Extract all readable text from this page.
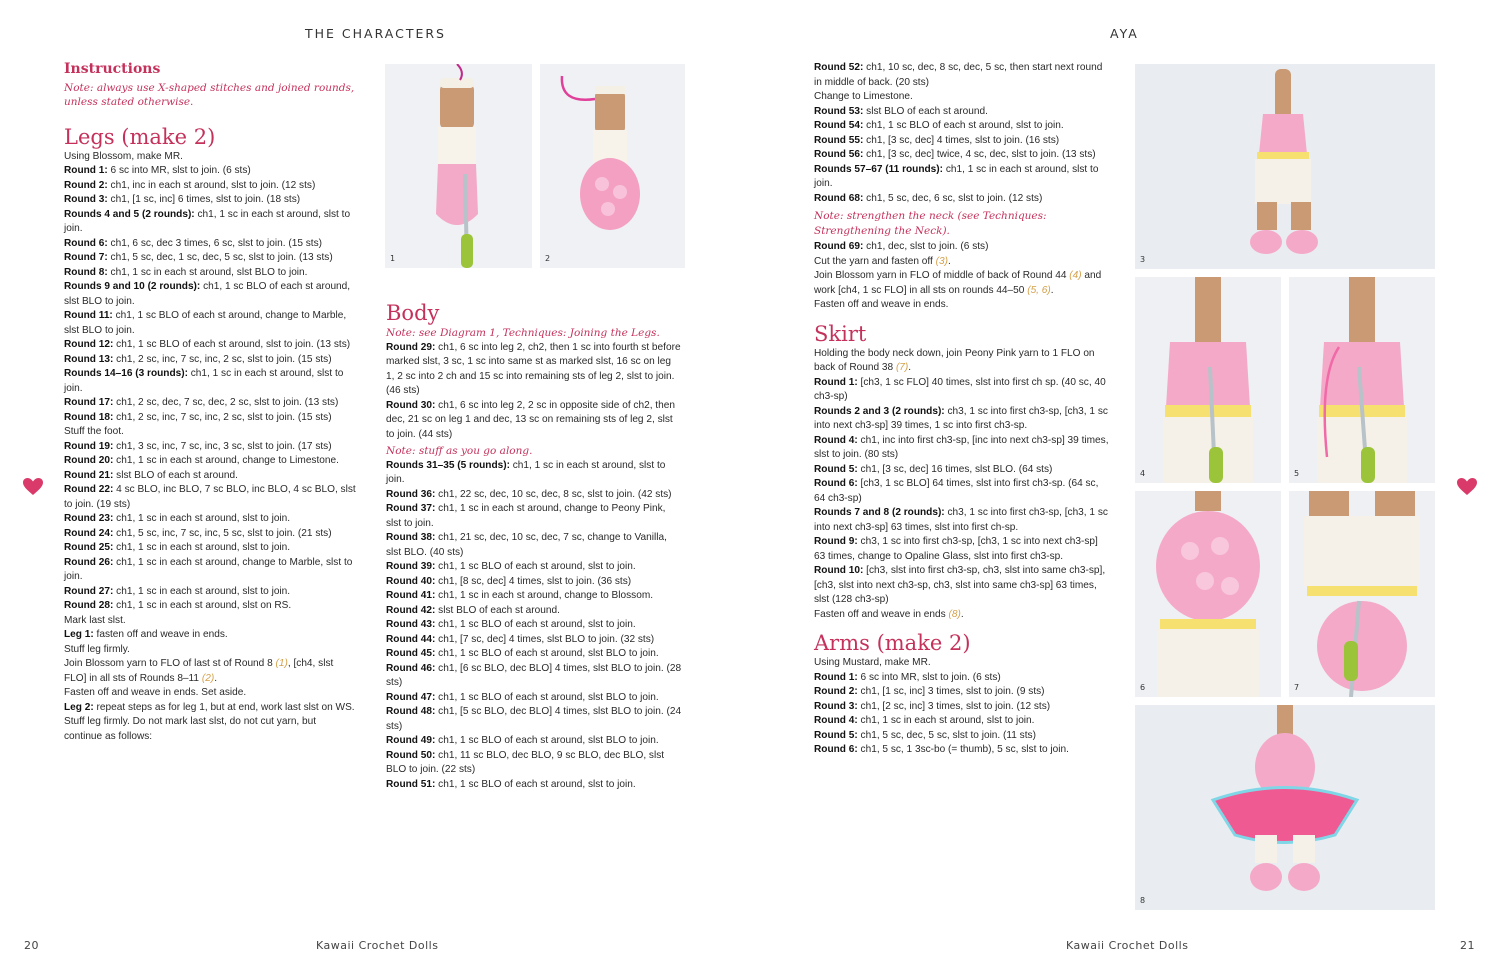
THE CHARACTERS	AYA

Instructions

Note: always use X-shaped stitches and joined rounds, unless stated otherwise.

Legs (make 2)

Using Blossom, make MR.

Round 1: 6 sc into MR, slst to join. (6 sts)

Round 2: ch1, inc in each st around, slst to join. (12 sts)

Round 3: ch1, [1 sc, inc] 6 times, slst to join. (18 sts)

Rounds 4 and 5 (2 rounds): ch1, 1 sc in each st around, slst to join.

Round 6: ch1, 6 sc, dec 3 times, 6 sc, slst to join. (15 sts)

Round 7: ch1, 5 sc, dec, 1 sc, dec, 5 sc, slst to join. (13 sts)

Round 8: ch1, 1 sc in each st around, slst BLO to join.

Rounds 9 and 10 (2 rounds): ch1, 1 sc BLO of each st around, slst BLO to join.

Round 11: ch1, 1 sc BLO of each st around, change to Marble, slst BLO to join.

Round 12: ch1, 1 sc BLO of each st around, slst to join. (13 sts)

Round 13: ch1, 2 sc, inc, 7 sc, inc, 2 sc, slst to join. (15 sts)

Rounds 14–16 (3 rounds): ch1, 1 sc in each st around, slst to join.

Round 17: ch1, 2 sc, dec, 7 sc, dec, 2 sc, slst to join. (13 sts)

Round 18: ch1, 2 sc, inc, 7 sc, inc, 2 sc, slst to join. (15 sts)

Stuff the foot.

Round 19: ch1, 3 sc, inc, 7 sc, inc, 3 sc, slst to join. (17 sts)

Round 20: ch1, 1 sc in each st around, change to Limestone.

Round 21: slst BLO of each st around.

Round 22: 4 sc BLO, inc BLO, 7 sc BLO, inc BLO, 4 sc BLO, slst to join. (19 sts)

Round 23: ch1, 1 sc in each st around, slst to join.

Round 24: ch1, 5 sc, inc, 7 sc, inc, 5 sc, slst to join. (21 sts)

Round 25: ch1, 1 sc in each st around, slst to join.

Round 26: ch1, 1 sc in each st around, change to Marble, slst to join.

Round 27: ch1, 1 sc in each st around, slst to join.

Round 28: ch1, 1 sc in each st around, slst on RS.

Mark last slst.

Leg 1: fasten off and weave in ends.

Stuff leg firmly.

Join Blossom yarn to FLO of last st of Round 8 (1), [ch4, slst FLO] in all sts of Rounds 8–11 (2).

Fasten off and weave in ends. Set aside.

Leg 2: repeat steps as for leg 1, but at end, work last slst on WS. Stuff leg firmly. Do not mark last slst, do not cut yarn, but continue as follows:

1	2

Body

Note: see Diagram 1, Techniques: Joining the Legs.

Round 29: ch1, 6 sc into leg 2, ch2, then 1 sc into fourth st before marked slst, 3 sc, 1 sc into same st as marked slst, 16 sc on leg 1, 2 sc into 2 ch and 15 sc into remaining sts of leg 2, slst to join. (46 sts)

Round 30: ch1, 6 sc into leg 2, 2 sc in opposite side of ch2, then dec, 21 sc on leg 1 and dec, 13 sc on remaining sts of leg 2, slst to join. (44 sts)

Note: stuff as you go along.

Rounds 31–35 (5 rounds): ch1, 1 sc in each st around, slst to join.

Round 36: ch1, 22 sc, dec, 10 sc, dec, 8 sc, slst to join. (42 sts)

Round 37: ch1, 1 sc in each st around, change to Peony Pink, slst to join.

Round 38: ch1, 21 sc, dec, 10 sc, dec, 7 sc, change to Vanilla, slst BLO. (40 sts)

Round 39: ch1, 1 sc BLO of each st around, slst to join.

Round 40: ch1, [8 sc, dec] 4 times, slst to join. (36 sts)

Round 41: ch1, 1 sc in each st around, change to Blossom.

Round 42: slst BLO of each st around.

Round 43: ch1, 1 sc BLO of each st around, slst to join.

Round 44: ch1, [7 sc, dec] 4 times, slst BLO to join. (32 sts)

Round 45: ch1, 1 sc BLO of each st around, slst BLO to join.

Round 46: ch1, [6 sc BLO, dec BLO] 4 times, slst BLO to join. (28 sts)

Round 47: ch1, 1 sc BLO of each st around, slst BLO to join.

Round 48: ch1, [5 sc BLO, dec BLO] 4 times, slst BLO to join. (24 sts)

Round 49: ch1, 1 sc BLO of each st around, slst BLO to join.

Round 50: ch1, 11 sc BLO, dec BLO, 9 sc BLO, dec BLO, slst BLO to join. (22 sts)

Round 51: ch1, 1 sc BLO of each st around, slst to join.

Round 52: ch1, 10 sc, dec, 8 sc, dec, 5 sc, then start next round in middle of back. (20 sts)

Change to Limestone.

Round 53: slst BLO of each st around.

Round 54: ch1, 1 sc BLO of each st around, slst to join.

Round 55: ch1, [3 sc, dec] 4 times, slst to join. (16 sts)

Round 56: ch1, [3 sc, dec] twice, 4 sc, dec, slst to join. (13 sts)

Rounds 57–67 (11 rounds): ch1, 1 sc in each st around, slst to join.

Round 68: ch1, 5 sc, dec, 6 sc, slst to join. (12 sts)

Note: strengthen the neck (see Techniques: Strengthening the Neck).

Round 69: ch1, dec, slst to join. (6 sts)

Cut the yarn and fasten off (3).

Join Blossom yarn in FLO of middle of back of Round 44 (4) and work [ch4, 1 sc FLO] in all sts on rounds 44–50 (5, 6).

Fasten off and weave in ends.

Skirt

Holding the body neck down, join Peony Pink yarn to 1 FLO on back of Round 38 (7).

Round 1: [ch3, 1 sc FLO] 40 times, slst into first ch sp. (40 sc, 40 ch3-sp)

Rounds 2 and 3 (2 rounds): ch3, 1 sc into first ch3-sp, [ch3, 1 sc into next ch3-sp] 39 times, 1 sc into first ch3-sp.

Round 4: ch1, inc into first ch3-sp, [inc into next ch3-sp] 39 times, slst to join. (80 sts)

Round 5: ch1, [3 sc, dec] 16 times, slst BLO. (64 sts)

Round 6: [ch3, 1 sc BLO] 64 times, slst into first ch3-sp. (64 sc, 64 ch3-sp)

Rounds 7 and 8 (2 rounds): ch3, 1 sc into first ch3-sp, [ch3, 1 sc into next ch3-sp] 63 times, slst into first ch-sp.

Round 9: ch3, 1 sc into first ch3-sp, [ch3, 1 sc into next ch3-sp] 63 times, change to Opaline Glass, slst into first ch3-sp.

Round 10: [ch3, slst into first ch3-sp, ch3, slst into same ch3-sp], [ch3, slst into next ch3-sp, ch3, slst into same ch3-sp] 63 times, slst (128 ch3-sp)

Fasten off and weave in ends (8).

Arms (make 2)

Using Mustard, make MR.

Round 1: 6 sc into MR, slst to join. (6 sts)

Round 2: ch1, [1 sc, inc] 3 times, slst to join. (9 sts)

Round 3: ch1, [2 sc, inc] 3 times, slst to join. (12 sts)

Round 4: ch1, 1 sc in each st around, slst to join.

Round 5: ch1, 5 sc, dec, 5 sc, slst to join. (11 sts)

Round 6: ch1, 5 sc, 1 3sc-bo (= thumb), 5 sc, slst to join.

3
4	5
6	7
8
20	Kawaii Crochet Dolls	Kawaii Crochet Dolls	21
